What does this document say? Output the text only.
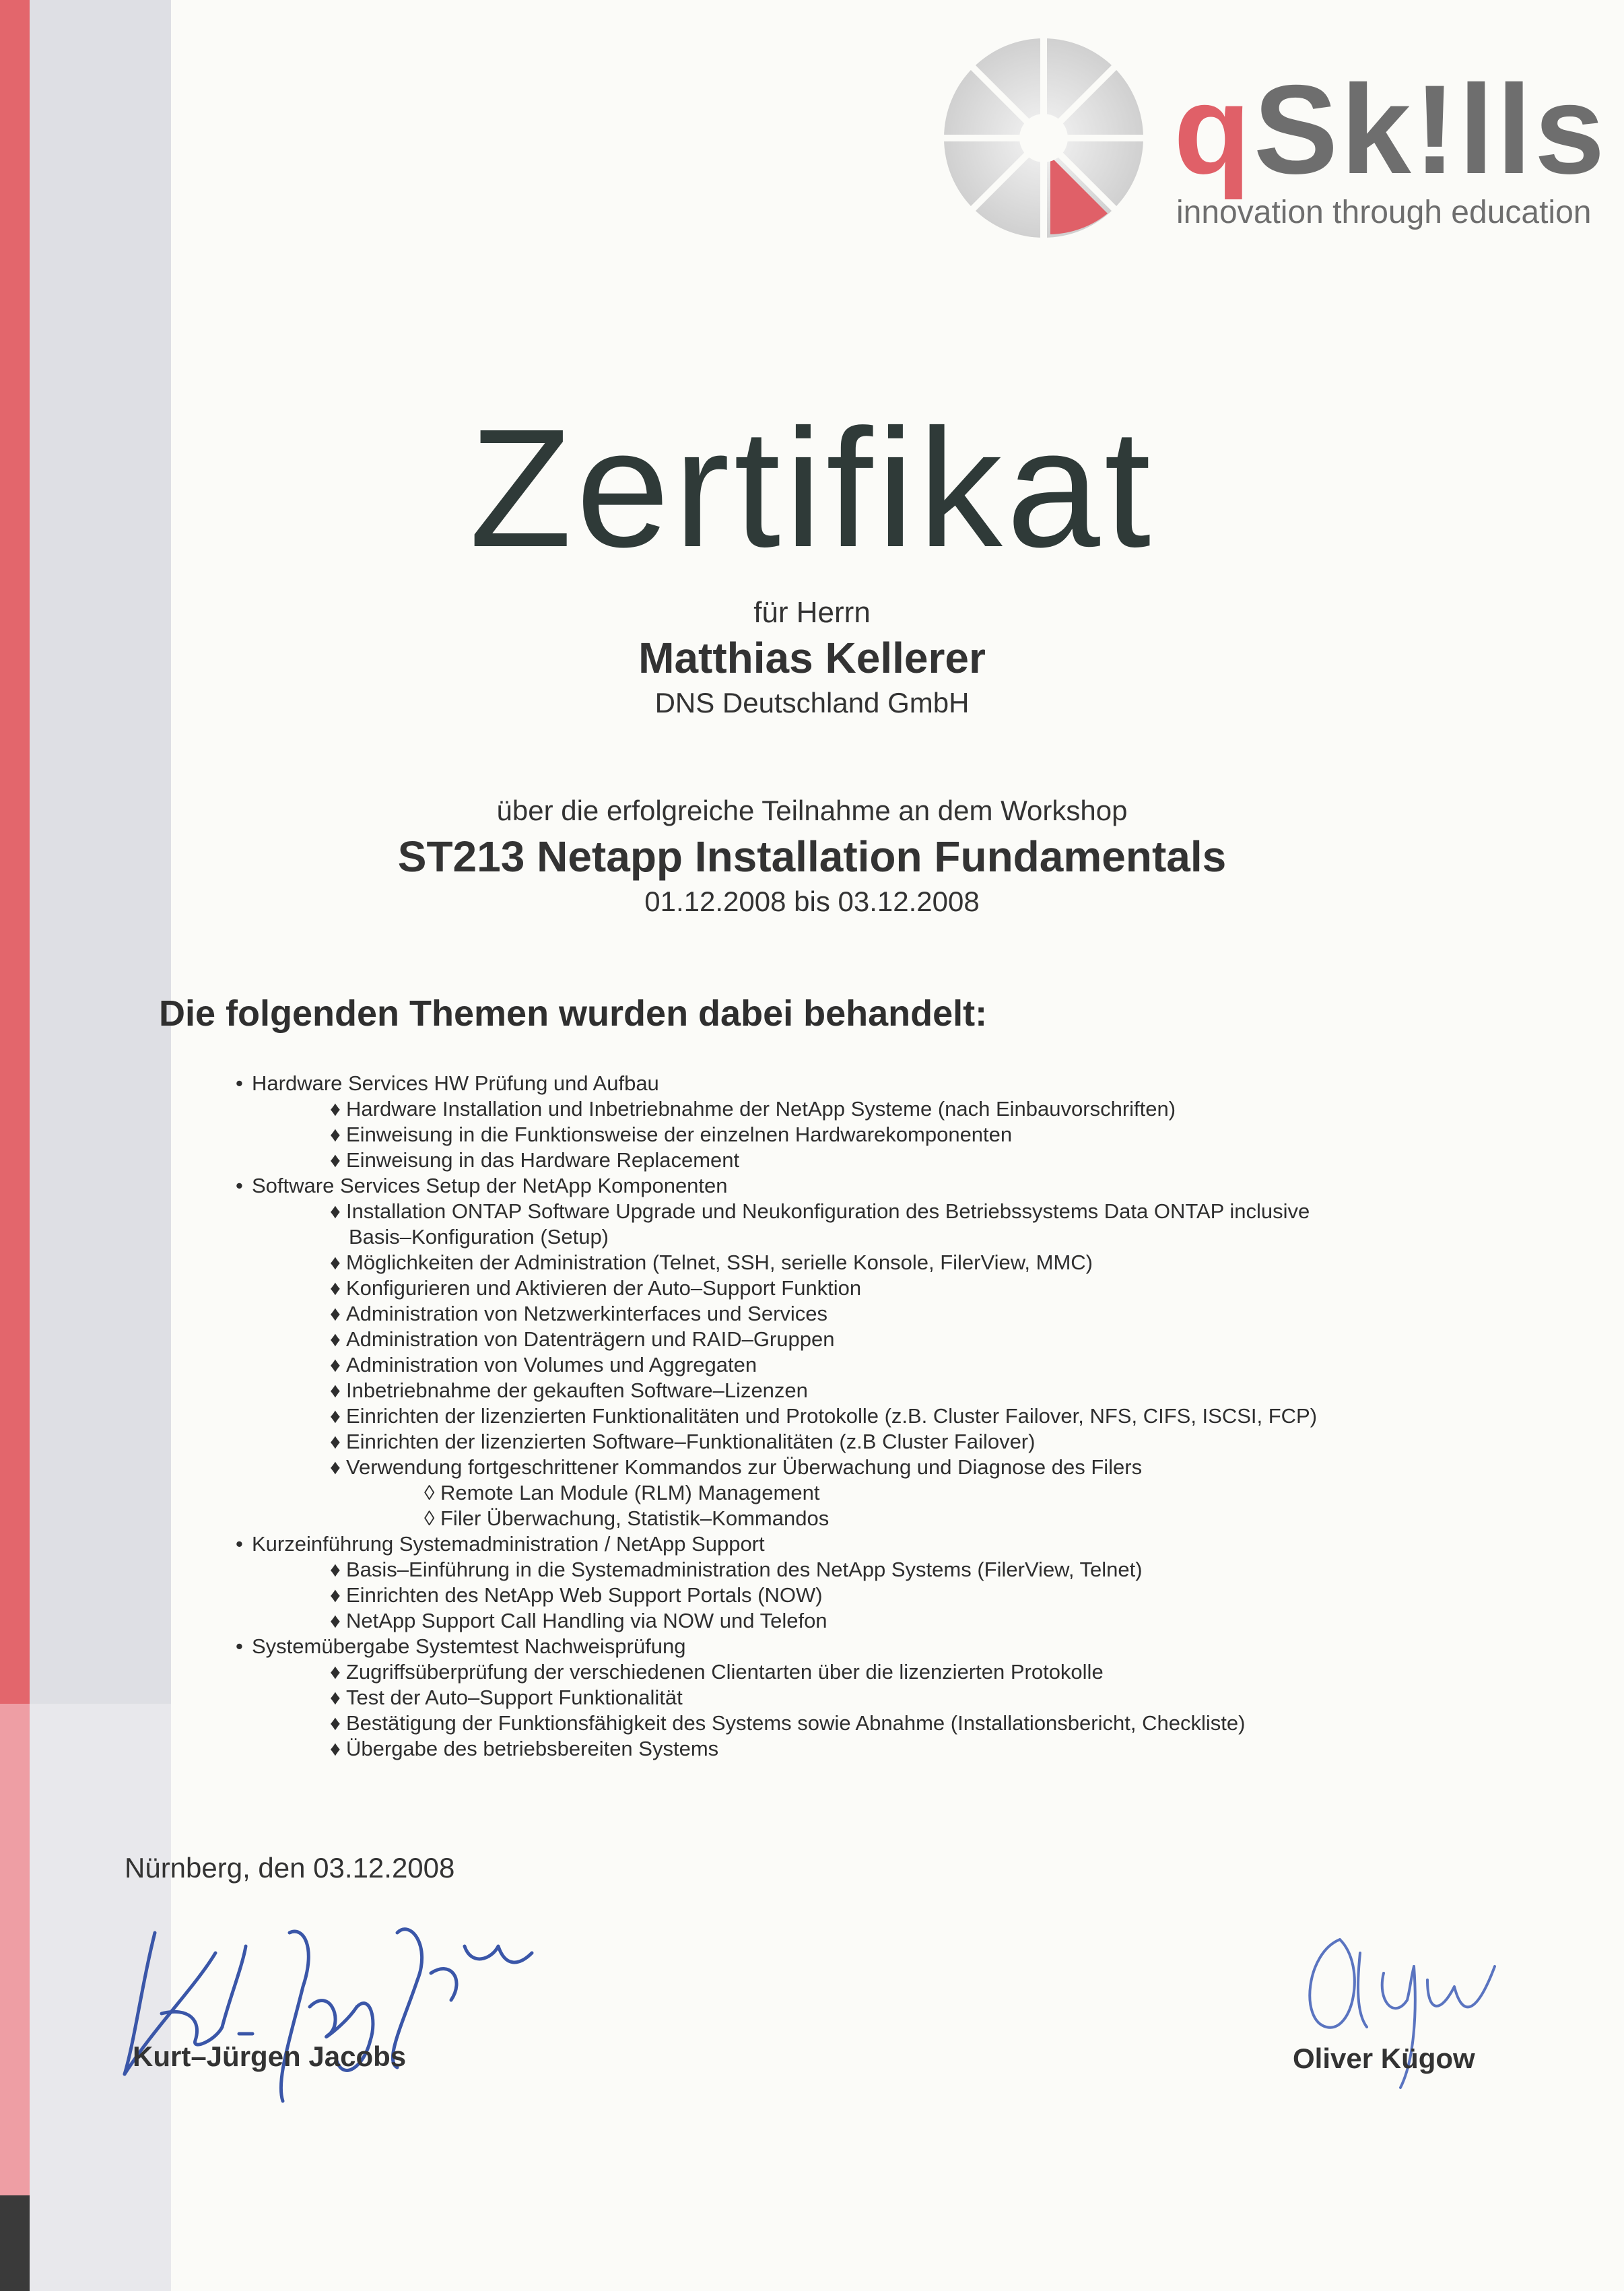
qSk!lls
innovation through education
Zertifikat
für Herrn
Matthias Kellerer
DNS Deutschland GmbH
über die erfolgreiche Teilnahme an dem Workshop
ST213 Netapp Installation Fundamentals
01.12.2008 bis 03.12.2008
Die folgenden Themen wurden dabei behandelt:
• Hardware Services HW Prüfung und Aufbau
♦ Hardware Installation und Inbetriebnahme der NetApp Systeme (nach Einbauvorschriften)
♦ Einweisung in die Funktionsweise der einzelnen Hardwarekomponenten
♦ Einweisung in das Hardware Replacement
• Software Services Setup der NetApp Komponenten
♦ Installation ONTAP Software Upgrade und Neukonfiguration des Betriebssystems Data ONTAP inclusive
Basis–Konfiguration (Setup)
♦ Möglichkeiten der Administration (Telnet, SSH, serielle Konsole, FilerView, MMC)
♦ Konfigurieren und Aktivieren der Auto–Support Funktion
♦ Administration von Netzwerkinterfaces und Services
♦ Administration von Datenträgern und RAID–Gruppen
♦ Administration von Volumes und Aggregaten
♦ Inbetriebnahme der gekauften Software–Lizenzen
♦ Einrichten der lizenzierten Funktionalitäten und Protokolle (z.B. Cluster Failover, NFS, CIFS, ISCSI, FCP)
♦ Einrichten der lizenzierten Software–Funktionalitäten (z.B Cluster Failover)
♦ Verwendung fortgeschrittener Kommandos zur Überwachung und Diagnose des Filers
◊ Remote Lan Module (RLM) Management
◊ Filer Überwachung, Statistik–Kommandos
• Kurzeinführung Systemadministration / NetApp Support
♦ Basis–Einführung in die Systemadministration des NetApp Systems (FilerView, Telnet)
♦ Einrichten des NetApp Web Support Portals (NOW)
♦ NetApp Support Call Handling via NOW und Telefon
• Systemübergabe Systemtest Nachweisprüfung
♦ Zugriffsüberprüfung der verschiedenen Clientarten über die lizenzierten Protokolle
♦ Test der Auto–Support Funktionalität
♦ Bestätigung der Funktionsfähigkeit des Systems sowie Abnahme (Installationsbericht, Checkliste)
♦ Übergabe des betriebsbereiten Systems
Nürnberg, den 03.12.2008
Kurt–Jürgen Jacobs	Oliver Kügow
